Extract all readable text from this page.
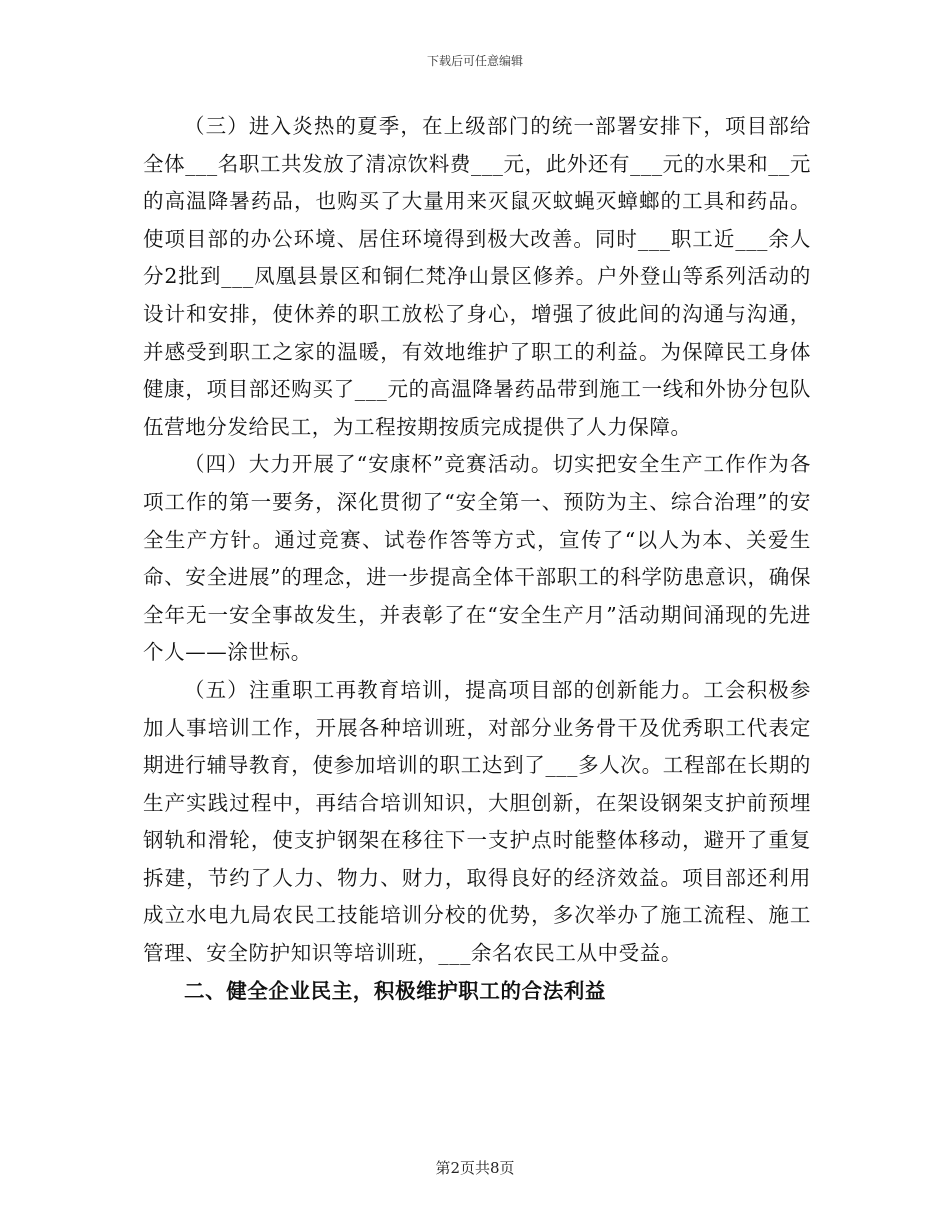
下载后可任意编辑

（三）进入炎热的夏季，在上级部门的统一部署安排下，项目部给全体___名职工共发放了清凉饮料费___元，此外还有___元的水果和__元的高温降暑药品，也购买了大量用来灭鼠灭蚊蝇灭蟑螂的工具和药品。使项目部的办公环境、居住环境得到极大改善。同时___职工近___余人分2批到___凤凰县景区和铜仁梵净山景区修养。户外登山等系列活动的设计和安排，使休养的职工放松了身心，增强了彼此间的沟通与沟通，并感受到职工之家的温暖，有效地维护了职工的利益。为保障民工身体健康，项目部还购买了___元的高温降暑药品带到施工一线和外协分包队伍营地分发给民工，为工程按期按质完成提供了人力保障。

（四）大力开展了“安康杯”竞赛活动。切实把安全生产工作作为各项工作的第一要务，深化贯彻了“安全第一、预防为主、综合治理”的安全生产方针。通过竞赛、试卷作答等方式，宣传了“以人为本、关爱生命、安全进展”的理念，进一步提高全体干部职工的科学防患意识，确保全年无一安全事故发生，并表彰了在“安全生产月”活动期间涌现的先进个人——涂世标。

（五）注重职工再教育培训，提高项目部的创新能力。工会积极参加人事培训工作，开展各种培训班，对部分业务骨干及优秀职工代表定期进行辅导教育，使参加培训的职工达到了___多人次。工程部在长期的生产实践过程中，再结合培训知识，大胆创新，在架设钢架支护前预埋钢轨和滑轮，使支护钢架在移往下一支护点时能整体移动，避开了重复拆建，节约了人力、物力、财力，取得良好的经济效益。项目部还利用成立水电九局农民工技能培训分校的优势，多次举办了施工流程、施工管理、安全防护知识等培训班，___余名农民工从中受益。

二、健全企业民主，积极维护职工的合法利益

第2页共8页
